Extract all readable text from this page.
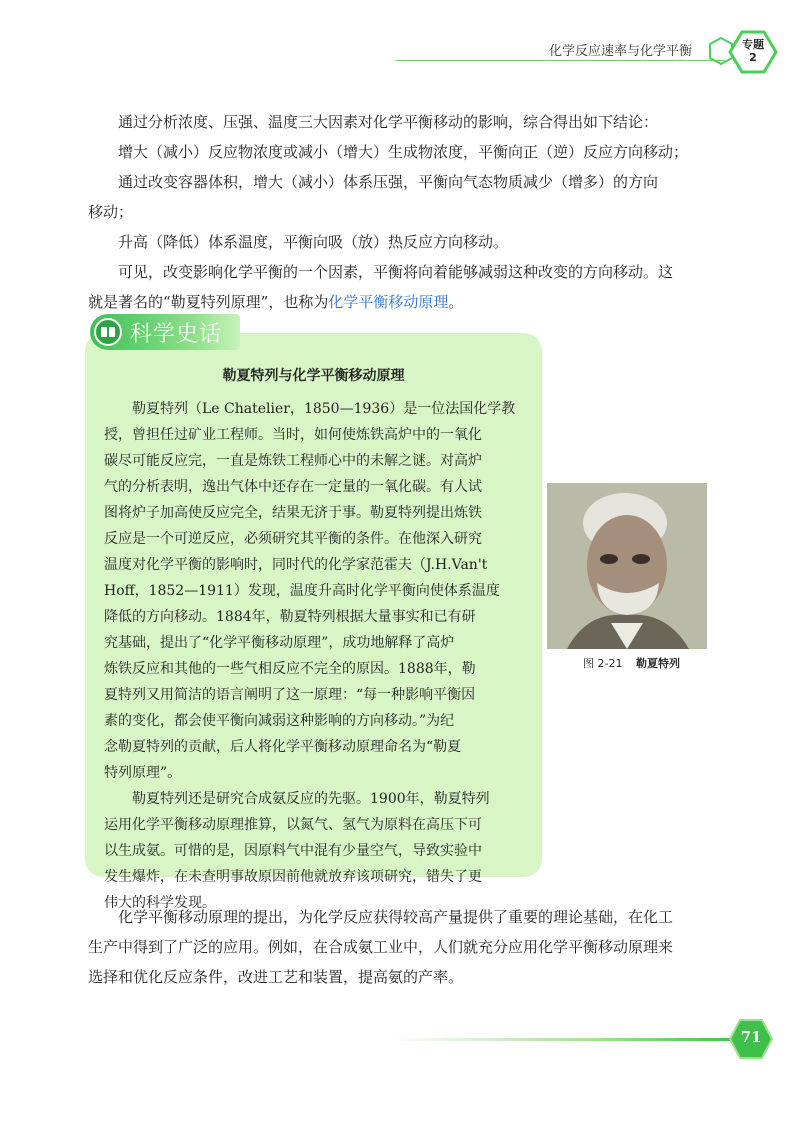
化学反应速率与化学平衡	专题
2

通过分析浓度、压强、温度三大因素对化学平衡移动的影响，综合得出如下结论：

增大（减小）反应物浓度或减小（增大）生成物浓度，平衡向正（逆）反应方向移动；

通过改变容器体积，增大（减小）体系压强，平衡向气态物质减少（增多）的方向

移动；

升高（降低）体系温度，平衡向吸（放）热反应方向移动。

可见，改变影响化学平衡的一个因素，平衡将向着能够减弱这种改变的方向移动。这

就是著名的“勒夏特列原理”，也称为化学平衡移动原理。

科学史话
勒夏特列与化学平衡移动原理
勒夏特列（Le Chatelier，1850—1936）是一位法国化学教
授，曾担任过矿业工程师。当时，如何使炼铁高炉中的一氧化
碳尽可能反应完，一直是炼铁工程师心中的未解之谜。对高炉
气的分析表明，逸出气体中还存在一定量的一氧化碳。有人试
图将炉子加高使反应完全，结果无济于事。勒夏特列提出炼铁
反应是一个可逆反应，必须研究其平衡的条件。在他深入研究
温度对化学平衡的影响时，同时代的化学家范霍夫（J.H.Van't
Hoff，1852—1911）发现，温度升高时化学平衡向使体系温度
降低的方向移动。1884年，勒夏特列根据大量事实和已有研
究基础，提出了“化学平衡移动原理”，成功地解释了高炉
炼铁反应和其他的一些气相反应不完全的原因。1888年，勒
夏特列又用简洁的语言阐明了这一原理：“每一种影响平衡因
素的变化，都会使平衡向减弱这种影响的方向移动。”为纪
念勒夏特列的贡献，后人将化学平衡移动原理命名为“勒夏
特列原理”。
勒夏特列还是研究合成氨反应的先驱。1900年，勒夏特列
运用化学平衡移动原理推算，以氮气、氢气为原料在高压下可
以生成氨。可惜的是，因原料气中混有少量空气，导致实验中
发生爆炸，在未查明事故原因前他就放弃该项研究，错失了更
伟大的科学发现。
图 2-21 勒夏特列

化学平衡移动原理的提出，为化学反应获得较高产量提供了重要的理论基础，在化工

生产中得到了广泛的应用。例如，在合成氨工业中，人们就充分应用化学平衡移动原理来

选择和优化反应条件，改进工艺和装置，提高氨的产率。

71
